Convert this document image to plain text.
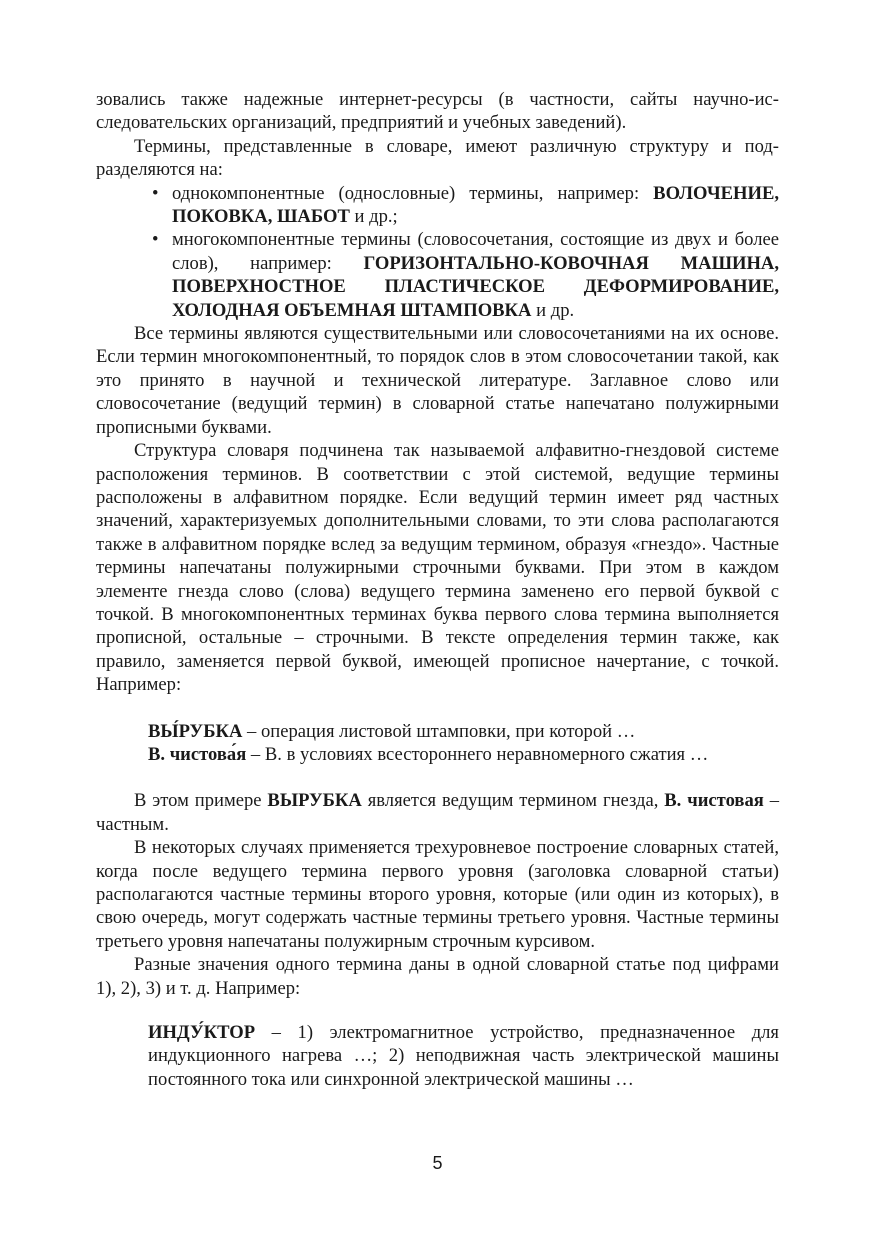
зовались также надежные интернет-ресурсы (в частности, сайты научно-исследовательских организаций, предприятий и учебных заведений).

Термины, представленные в словаре, имеют различную структуру и подразделяются на:

• однокомпонентные (однословные) термины, например: ВОЛОЧЕНИЕ, ПОКОВКА, ШАБОТ и др.;
• многокомпонентные термины (словосочетания, состоящие из двух и более слов), например: ГОРИЗОНТАЛЬНО-КОВОЧНАЯ МАШИНА, ПОВЕРХНОСТНОЕ ПЛАСТИЧЕСКОЕ ДЕФОРМИРОВАНИЕ, ХОЛОДНАЯ ОБЪЕМНАЯ ШТАМПОВКА и др.

Все термины являются существительными или словосочетаниями на их основе. Если термин многокомпонентный, то порядок слов в этом словосочетании такой, как это принято в научной и технической литературе. Заглавное слово или словосочетание (ведущий термин) в словарной статье напечатано полужирными прописными буквами.

Структура словаря подчинена так называемой алфавитно-гнездовой системе расположения терминов. В соответствии с этой системой, ведущие термины расположены в алфавитном порядке. Если ведущий термин имеет ряд частных значений, характеризуемых дополнительными словами, то эти слова располагаются также в алфавитном порядке вслед за ведущим термином, образуя «гнездо». Частные термины напечатаны полужирными строчными буквами. При этом в каждом элементе гнезда слово (слова) ведущего термина заменено его первой буквой с точкой. В многокомпонентных терминах буква первого слова термина выполняется прописной, остальные – строчными. В тексте определения термин также, как правило, заменяется первой буквой, имеющей прописное начертание, с точкой. Например:

ВЫ́РУБКА – операция листовой штамповки, при которой …

В. чистова́я – В. в условиях всестороннего неравномерного сжатия …

В этом примере ВЫРУБКА является ведущим термином гнезда, В. чистовая – частным.

В некоторых случаях применяется трехуровневое построение словарных статей, когда после ведущего термина первого уровня (заголовка словарной статьи) располагаются частные термины второго уровня, которые (или один из которых), в свою очередь, могут содержать частные термины третьего уровня. Частные термины третьего уровня напечатаны полужирным строчным курсивом.

Разные значения одного термина даны в одной словарной статье под цифрами 1), 2), 3) и т. д. Например:

ИНДУ́КТОР – 1) электромагнитное устройство, предназначенное для индукционного нагрева …; 2) неподвижная часть электрической машины постоянного тока или синхронной электрической машины …

5
